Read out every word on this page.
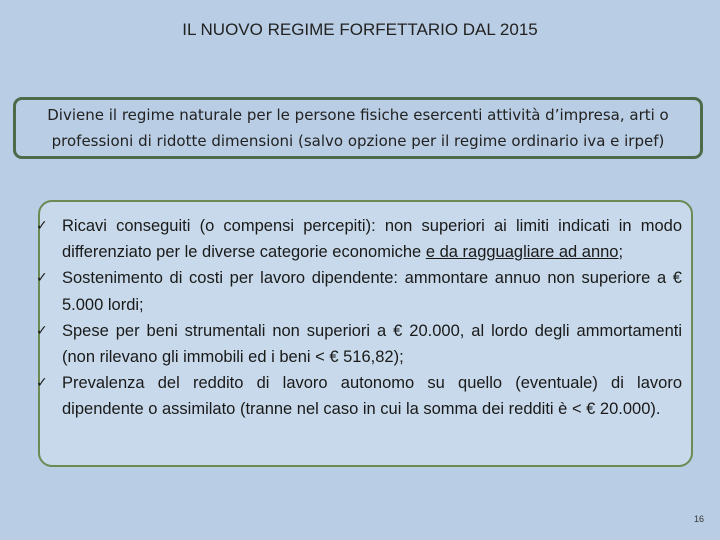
IL NUOVO REGIME FORFETTARIO DAL 2015
Diviene il regime naturale per le persone fisiche esercenti attività d’impresa, arti o professioni di ridotte dimensioni (salvo opzione per il regime ordinario iva e irpef)
✓ Ricavi conseguiti (o compensi percepiti): non superiori ai limiti indicati in modo differenziato per le diverse categorie economiche e da ragguagliare ad anno;
✓ Sostenimento di costi per lavoro dipendente: ammontare annuo non superiore a € 5.000 lordi;
✓ Spese per beni strumentali non superiori a € 20.000, al lordo degli ammortamenti (non rilevano gli immobili ed i beni < € 516,82);
✓ Prevalenza del reddito di lavoro autonomo su quello (eventuale) di lavoro dipendente o assimilato (tranne nel caso in cui la somma dei redditi è < € 20.000).
16
